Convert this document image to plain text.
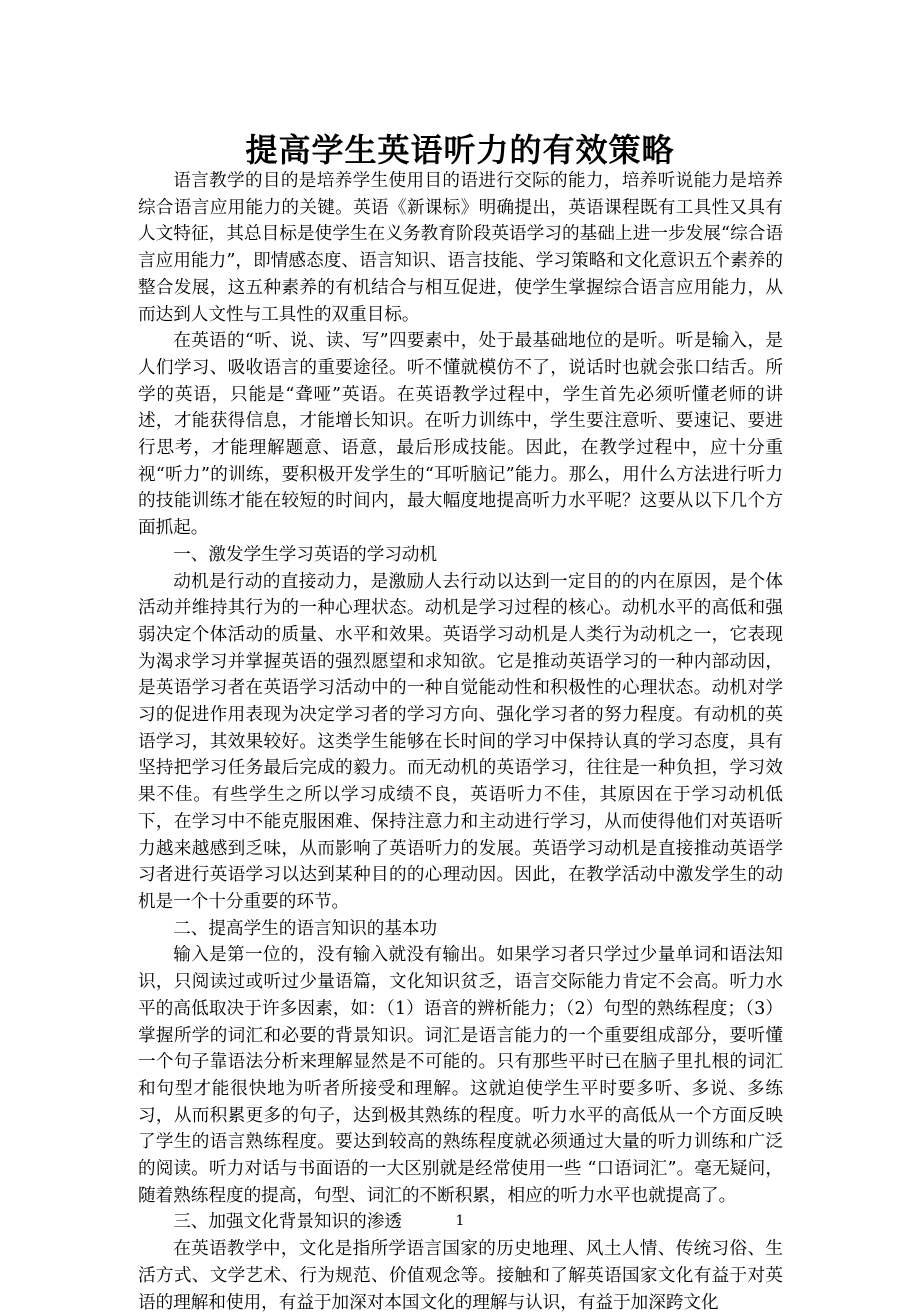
提高学生英语听力的有效策略

语言教学的目的是培养学生使用目的语进行交际的能力，培养听说能力是培养综合语言应用能力的关键。英语《新课标》明确提出，英语课程既有工具性又具有人文特征，其总目标是使学生在义务教育阶段英语学习的基础上进一步发展“综合语言应用能力”，即情感态度、语言知识、语言技能、学习策略和文化意识五个素养的整合发展，这五种素养的有机结合与相互促进，使学生掌握综合语言应用能力，从而达到人文性与工具性的双重目标。

在英语的“听、说、读、写”四要素中，处于最基础地位的是听。听是输入，是人们学习、吸收语言的重要途径。听不懂就模仿不了，说话时也就会张口结舌。所学的英语，只能是“聋哑”英语。在英语教学过程中，学生首先必须听懂老师的讲述，才能获得信息，才能增长知识。在听力训练中，学生要注意听、要速记、要进行思考，才能理解题意、语意，最后形成技能。因此，在教学过程中，应十分重视“听力”的训练，要积极开发学生的“耳听脑记”能力。那么，用什么方法进行听力的技能训练才能在较短的时间内，最大幅度地提高听力水平呢？这要从以下几个方面抓起。

一、激发学生学习英语的学习动机

动机是行动的直接动力，是激励人去行动以达到一定目的的内在原因，是个体活动并维持其行为的一种心理状态。动机是学习过程的核心。动机水平的高低和强弱决定个体活动的质量、水平和效果。英语学习动机是人类行为动机之一，它表现为渴求学习并掌握英语的强烈愿望和求知欲。它是推动英语学习的一种内部动因，是英语学习者在英语学习活动中的一种自觉能动性和积极性的心理状态。动机对学习的促进作用表现为决定学习者的学习方向、强化学习者的努力程度。有动机的英语学习，其效果较好。这类学生能够在长时间的学习中保持认真的学习态度，具有坚持把学习任务最后完成的毅力。而无动机的英语学习，往往是一种负担，学习效果不佳。有些学生之所以学习成绩不良，英语听力不佳，其原因在于学习动机低下，在学习中不能克服困难、保持注意力和主动进行学习，从而使得他们对英语听力越来越感到乏味，从而影响了英语听力的发展。英语学习动机是直接推动英语学习者进行英语学习以达到某种目的的心理动因。因此，在教学活动中激发学生的动机是一个十分重要的环节。

二、提高学生的语言知识的基本功

输入是第一位的，没有输入就没有输出。如果学习者只学过少量单词和语法知识，只阅读过或听过少量语篇，文化知识贫乏，语言交际能力肯定不会高。听力水平的高低取决于许多因素，如：（1）语音的辨析能力；（2）句型的熟练程度；（3）掌握所学的词汇和必要的背景知识。词汇是语言能力的一个重要组成部分，要听懂一个句子靠语法分析来理解显然是不可能的。只有那些平时已在脑子里扎根的词汇和句型才能很快地为听者所接受和理解。这就迫使学生平时要多听、多说、多练习，从而积累更多的句子，达到极其熟练的程度。听力水平的高低从一个方面反映了学生的语言熟练程度。要达到较高的熟练程度就必须通过大量的听力训练和广泛的阅读。听力对话与书面语的一大区别就是经常使用一些 “口语词汇”。毫无疑问，随着熟练程度的提高，句型、词汇的不断积累，相应的听力水平也就提高了。

三、加强文化背景知识的渗透

在英语教学中，文化是指所学语言国家的历史地理、风土人情、传统习俗、生活方式、文学艺术、行为规范、价值观念等。接触和了解英语国家文化有益于对英语的理解和使用，有益于加深对本国文化的理解与认识，有益于加深跨文化

1
